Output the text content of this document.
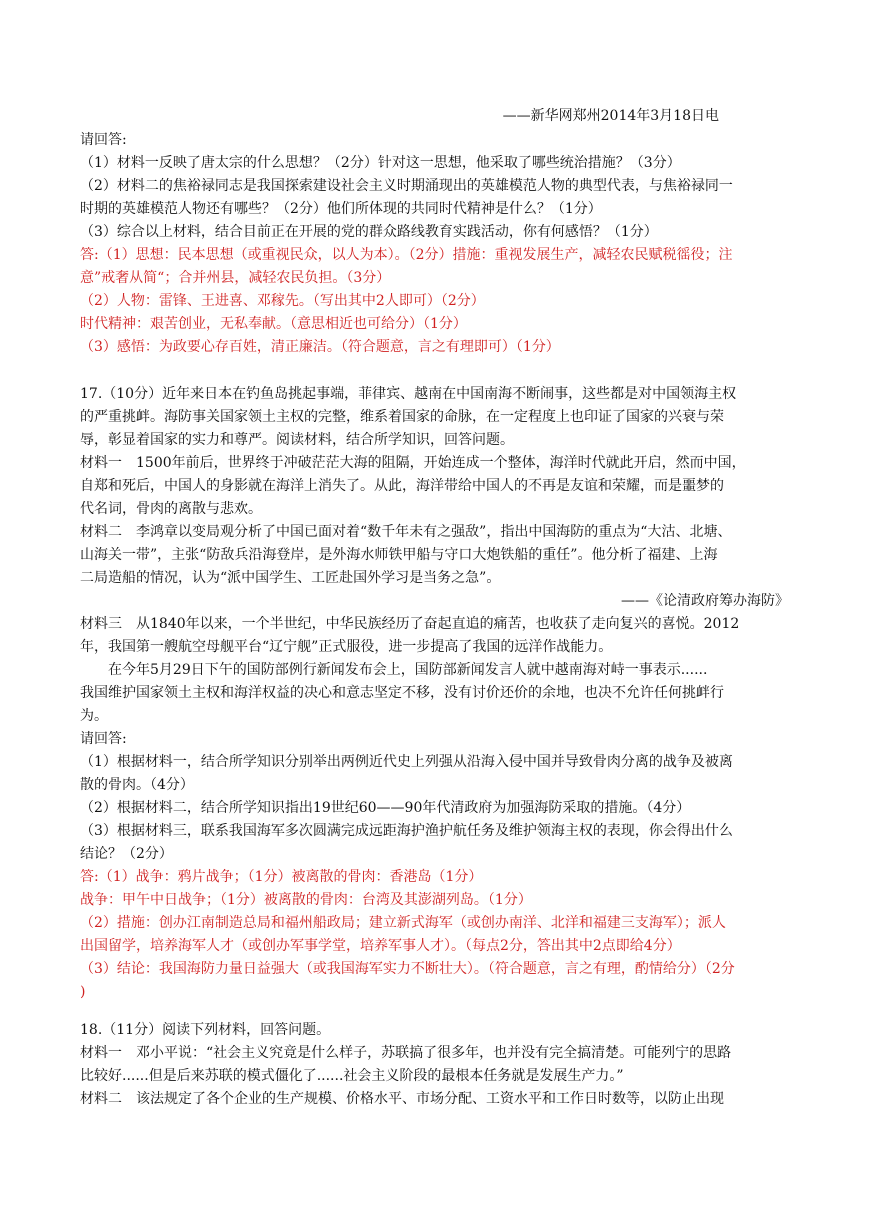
——新华网郑州2014年3月18日电
请回答:
（1）材料一反映了唐太宗的什么思想？（2分）针对这一思想，他采取了哪些统治措施？（3分）
（2）材料二的焦裕禄同志是我国探索建设社会主义时期涌现出的英雄模范人物的典型代表，与焦裕禄同一
时期的英雄模范人物还有哪些？（2分）他们所体现的共同时代精神是什么？（1分）
（3）综合以上材料，结合目前正在开展的党的群众路线教育实践活动，你有何感悟？（1分）
答:（1）思想：民本思想（或重视民众，以人为本）。（2分）措施：重视发展生产，减轻农民赋税徭役；注
意”戒奢从简“；合并州县，减轻农民负担。（3分）
（2）人物：雷锋、王进喜、邓稼先。（写出其中2人即可）（2分）
时代精神：艰苦创业，无私奉献。（意思相近也可给分）（1分）
（3）感悟：为政要心存百姓，清正廉洁。（符合题意，言之有理即可）（1分）
17.（10分）近年来日本在钓鱼岛挑起事端，菲律宾、越南在中国南海不断闹事，这些都是对中国领海主权
的严重挑衅。海防事关国家领土主权的完整，维系着国家的命脉，在一定程度上也印证了国家的兴衰与荣
辱，彰显着国家的实力和尊严。阅读材料，结合所学知识，回答问题。
材料一　1500年前后，世界终于冲破茫茫大海的阻隔，开始连成一个整体，海洋时代就此开启，然而中国，
自郑和死后，中国人的身影就在海洋上消失了。从此，海洋带给中国人的不再是友谊和荣耀，而是噩梦的
代名词，骨肉的离散与悲欢。
材料二　李鸿章以变局观分析了中国已面对着“数千年未有之强敌”，指出中国海防的重点为“大沽、北塘、
山海关一带”，主张“防敌兵沿海登岸，是外海水师铁甲船与守口大炮铁船的重任”。他分析了福建、上海
二局造船的情况，认为“派中国学生、工匠赴国外学习是当务之急”。
——《论清政府筹办海防》
材料三　从1840年以来，一个半世纪，中华民族经历了奋起直追的痛苦，也收获了走向复兴的喜悦。2012
年，我国第一艘航空母舰平台“辽宁舰”正式服役，进一步提高了我国的远洋作战能力。
在今年5月29日下午的国防部例行新闻发布会上，国防部新闻发言人就中越南海对峙一事表示......
我国维护国家领土主权和海洋权益的决心和意志坚定不移，没有讨价还价的余地，也决不允许任何挑衅行
为。
请回答:
（1）根据材料一，结合所学知识分别举出两例近代史上列强从沿海入侵中国并导致骨肉分离的战争及被离
散的骨肉。（4分）
（2）根据材料二，结合所学知识指出19世纪60——90年代清政府为加强海防采取的措施。（4分）
（3）根据材料三，联系我国海军多次圆满完成远距海护渔护航任务及维护领海主权的表现，你会得出什么
结论？（2分）
答:（1）战争：鸦片战争；（1分）被离散的骨肉：香港岛（1分）
战争：甲午中日战争；（1分）被离散的骨肉：台湾及其澎湖列岛。（1分）
（2）措施：创办江南制造总局和福州船政局；建立新式海军（或创办南洋、北洋和福建三支海军）；派人
出国留学，培养海军人才（或创办军事学堂，培养军事人才）。（每点2分，答出其中2点即给4分）
（3）结论：我国海防力量日益强大（或我国海军实力不断壮大）。（符合题意，言之有理，酌情给分）（2分
)
18.（11分）阅读下列材料，回答问题。
材料一　邓小平说：“社会主义究竟是什么样子，苏联搞了很多年，也并没有完全搞清楚。可能列宁的思路
比较好......但是后来苏联的模式僵化了......社会主义阶段的最根本任务就是发展生产力。”
材料二　该法规定了各个企业的生产规模、价格水平、市场分配、工资水平和工作日时数等，以防止出现
